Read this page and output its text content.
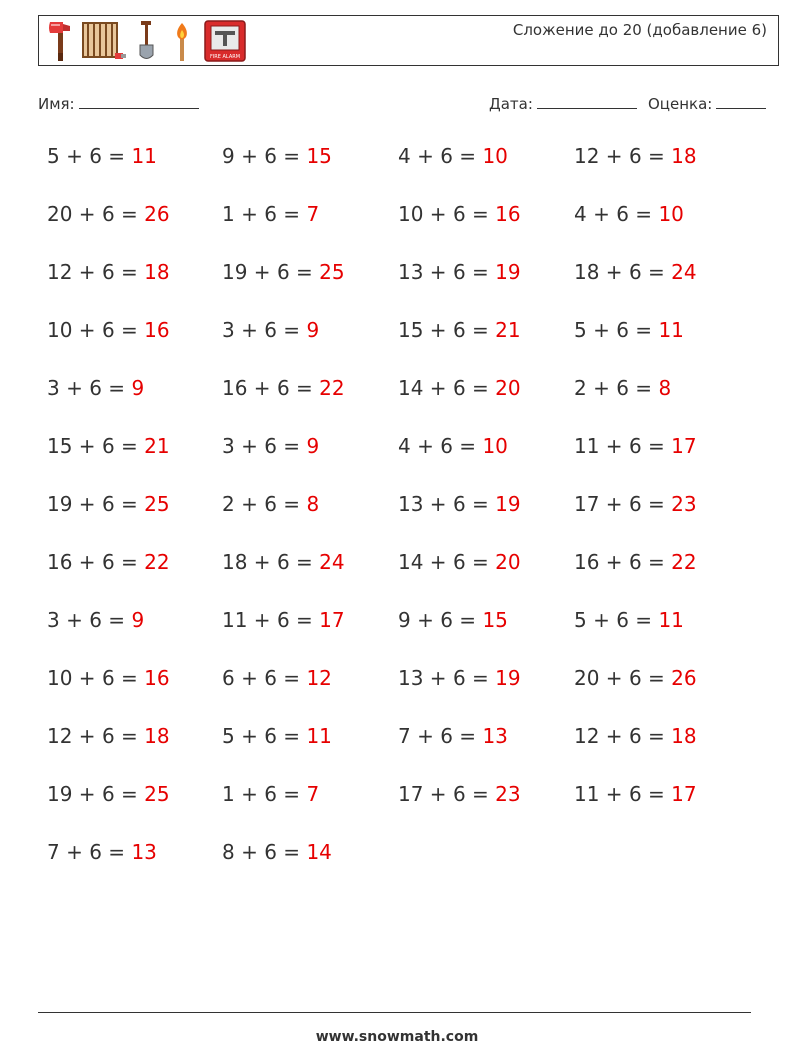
FIRE ALARM
Сложение до 20 (добавление 6)
Имя:	Дата:	Оценка:
5 + 6 = 11	9 + 6 = 15	4 + 6 = 10	12 + 6 = 18
20 + 6 = 26	1 + 6 = 7	10 + 6 = 16	4 + 6 = 10
12 + 6 = 18	19 + 6 = 25	13 + 6 = 19	18 + 6 = 24
10 + 6 = 16	3 + 6 = 9	15 + 6 = 21	5 + 6 = 11
3 + 6 = 9	16 + 6 = 22	14 + 6 = 20	2 + 6 = 8
15 + 6 = 21	3 + 6 = 9	4 + 6 = 10	11 + 6 = 17
19 + 6 = 25	2 + 6 = 8	13 + 6 = 19	17 + 6 = 23
16 + 6 = 22	18 + 6 = 24	14 + 6 = 20	16 + 6 = 22
3 + 6 = 9	11 + 6 = 17	9 + 6 = 15	5 + 6 = 11
10 + 6 = 16	6 + 6 = 12	13 + 6 = 19	20 + 6 = 26
12 + 6 = 18	5 + 6 = 11	7 + 6 = 13	12 + 6 = 18
19 + 6 = 25	1 + 6 = 7	17 + 6 = 23	11 + 6 = 17
7 + 6 = 13	8 + 6 = 14
www.snowmath.com
